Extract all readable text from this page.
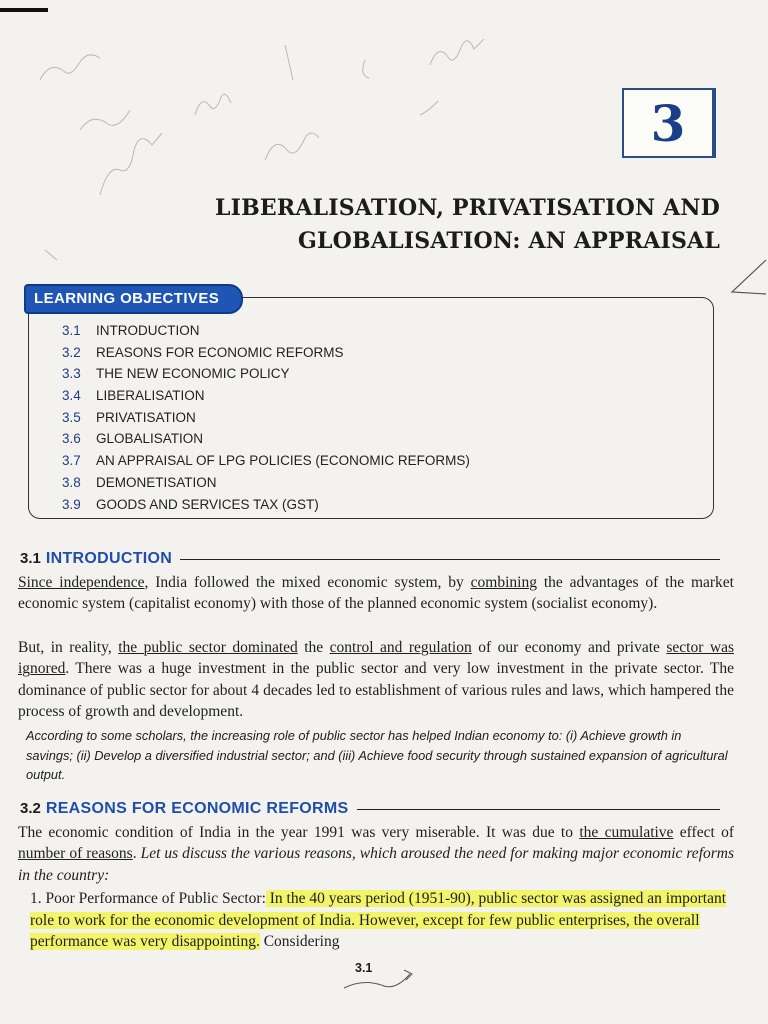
3
LIBERALISATION, PRIVATISATION AND
GLOBALISATION: AN APPRAISAL
LEARNING OBJECTIVES
3.1 INTRODUCTION
3.2 REASONS FOR ECONOMIC REFORMS
3.3 THE NEW ECONOMIC POLICY
3.4 LIBERALISATION
3.5 PRIVATISATION
3.6 GLOBALISATION
3.7 AN APPRAISAL OF LPG POLICIES (ECONOMIC REFORMS)
3.8 DEMONETISATION
3.9 GOODS AND SERVICES TAX (GST)
3.1 INTRODUCTION

Since independence, India followed the mixed economic system, by combining the advantages of the market economic system (capitalist economy) with those of the planned economic system (socialist economy).

But, in reality, the public sector dominated the control and regulation of our economy and private sector was ignored. There was a huge investment in the public sector and very low investment in the private sector. The dominance of public sector for about 4 decades led to establishment of various rules and laws, which hampered the process of growth and development.

According to some scholars, the increasing role of public sector has helped Indian economy to: (i) Achieve growth in savings; (ii) Develop a diversified industrial sector; and (iii) Achieve food security through sustained expansion of agricultural output.

3.2 REASONS FOR ECONOMIC REFORMS

The economic condition of India in the year 1991 was very miserable. It was due to the cumulative effect of number of reasons. Let us discuss the various reasons, which aroused the need for making major economic reforms in the country:

1. Poor Performance of Public Sector: In the 40 years period (1951-90), public sector was assigned an important role to work for the economic development of India. However, except for few public enterprises, the overall performance was very disappointing. Considering

3.1
